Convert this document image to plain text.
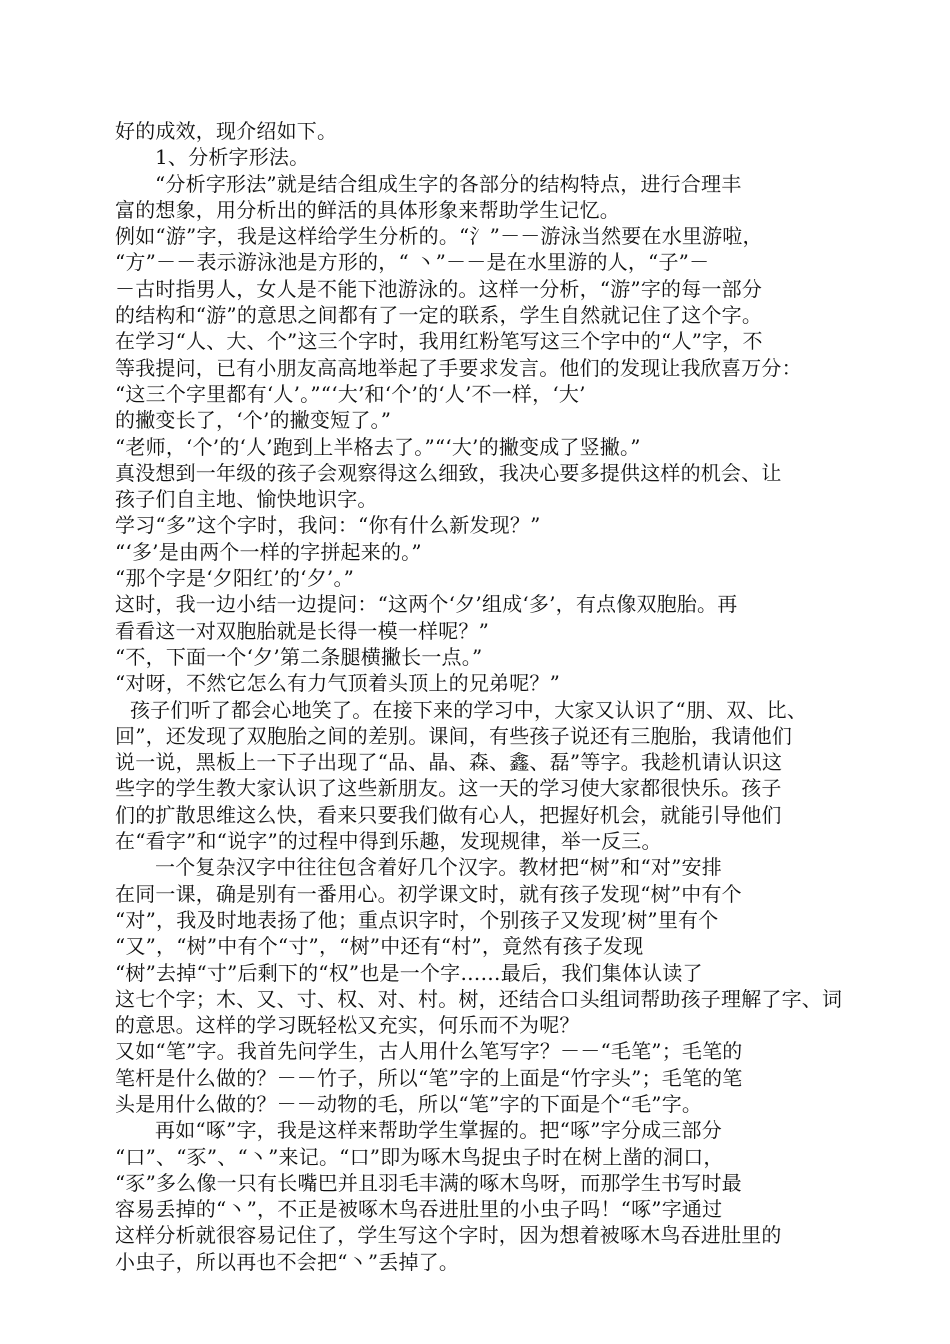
好的成效，现介绍如下。
1、分析字形法。
“分析字形法”就是结合组成生字的各部分的结构特点，进行合理丰
富的想象，用分析出的鲜活的具体形象来帮助学生记忆。
例如“游”字，我是这样给学生分析的。“氵”－－游泳当然要在水里游啦，
“方”－－表示游泳池是方形的，“ 丶”－－是在水里游的人，“子”－
－古时指男人，女人是不能下池游泳的。这样一分析，“游”字的每一部分
的结构和“游”的意思之间都有了一定的联系，学生自然就记住了这个字。
在学习“人、大、个”这三个字时，我用红粉笔写这三个字中的“人”字，不
等我提问，已有小朋友高高地举起了手要求发言。他们的发现让我欣喜万分：
“这三个字里都有‘人’。”“‘大’和‘个’的‘人’不一样，‘大’
的撇变长了，‘个’的撇变短了。”
“老师，‘个’的‘人’跑到上半格去了。”“‘大’的撇变成了竖撇。”
真没想到一年级的孩子会观察得这么细致，我决心要多提供这样的机会、让
孩子们自主地、愉快地识字。
学习“多”这个字时，我问：“你有什么新发现？”
“‘多’是由两个一样的字拼起来的。”
“那个字是‘夕阳红’的‘夕’。”
这时，我一边小结一边提问：“这两个‘夕’组成‘多’，有点像双胞胎。再
看看这一对双胞胎就是长得一模一样呢？”
“不，下面一个‘夕’第二条腿横撇长一点。”
“对呀，不然它怎么有力气顶着头顶上的兄弟呢？”
孩子们听了都会心地笑了。在接下来的学习中，大家又认识了“朋、双、比、
回”，还发现了双胞胎之间的差别。课间，有些孩子说还有三胞胎，我请他们
说一说，黑板上一下子出现了“品、晶、森、鑫、磊”等字。我趁机请认识这
些字的学生教大家认识了这些新朋友。这一天的学习使大家都很快乐。孩子
们的扩散思维这么快，看来只要我们做有心人，把握好机会，就能引导他们
在“看字”和“说字”的过程中得到乐趣，发现规律，举一反三。
一个复杂汉字中往往包含着好几个汉字。教材把“树”和“对”安排
在同一课，确是别有一番用心。初学课文时，就有孩子发现“树”中有个
“对”，我及时地表扬了他；重点识字时，个别孩子又发现’树”里有个
“又”，“树”中有个“寸”，“树”中还有“村”，竟然有孩子发现
“树”去掉“寸”后剩下的“权”也是一个字……最后，我们集体认读了
这七个字；木、又、寸、权、对、村。树，还结合口头组词帮助孩子理解了字、词
的意思。这样的学习既轻松又充实，何乐而不为呢？
又如“笔”字。我首先问学生，古人用什么笔写字？－－“毛笔”；毛笔的
笔杆是什么做的？－－竹子，所以“笔”字的上面是“竹字头”；毛笔的笔
头是用什么做的？－－动物的毛，所以“笔”字的下面是个“毛”字。
再如“啄”字，我是这样来帮助学生掌握的。把“啄”字分成三部分
“口”、“豕”、“丶”来记。“口”即为啄木鸟捉虫子时在树上凿的洞口，
“豕”多么像一只有长嘴巴并且羽毛丰满的啄木鸟呀，而那学生书写时最
容易丢掉的“丶”，不正是被啄木鸟吞进肚里的小虫子吗！“啄”字通过
这样分析就很容易记住了，学生写这个字时，因为想着被啄木鸟吞进肚里的
小虫子，所以再也不会把“丶”丢掉了。
